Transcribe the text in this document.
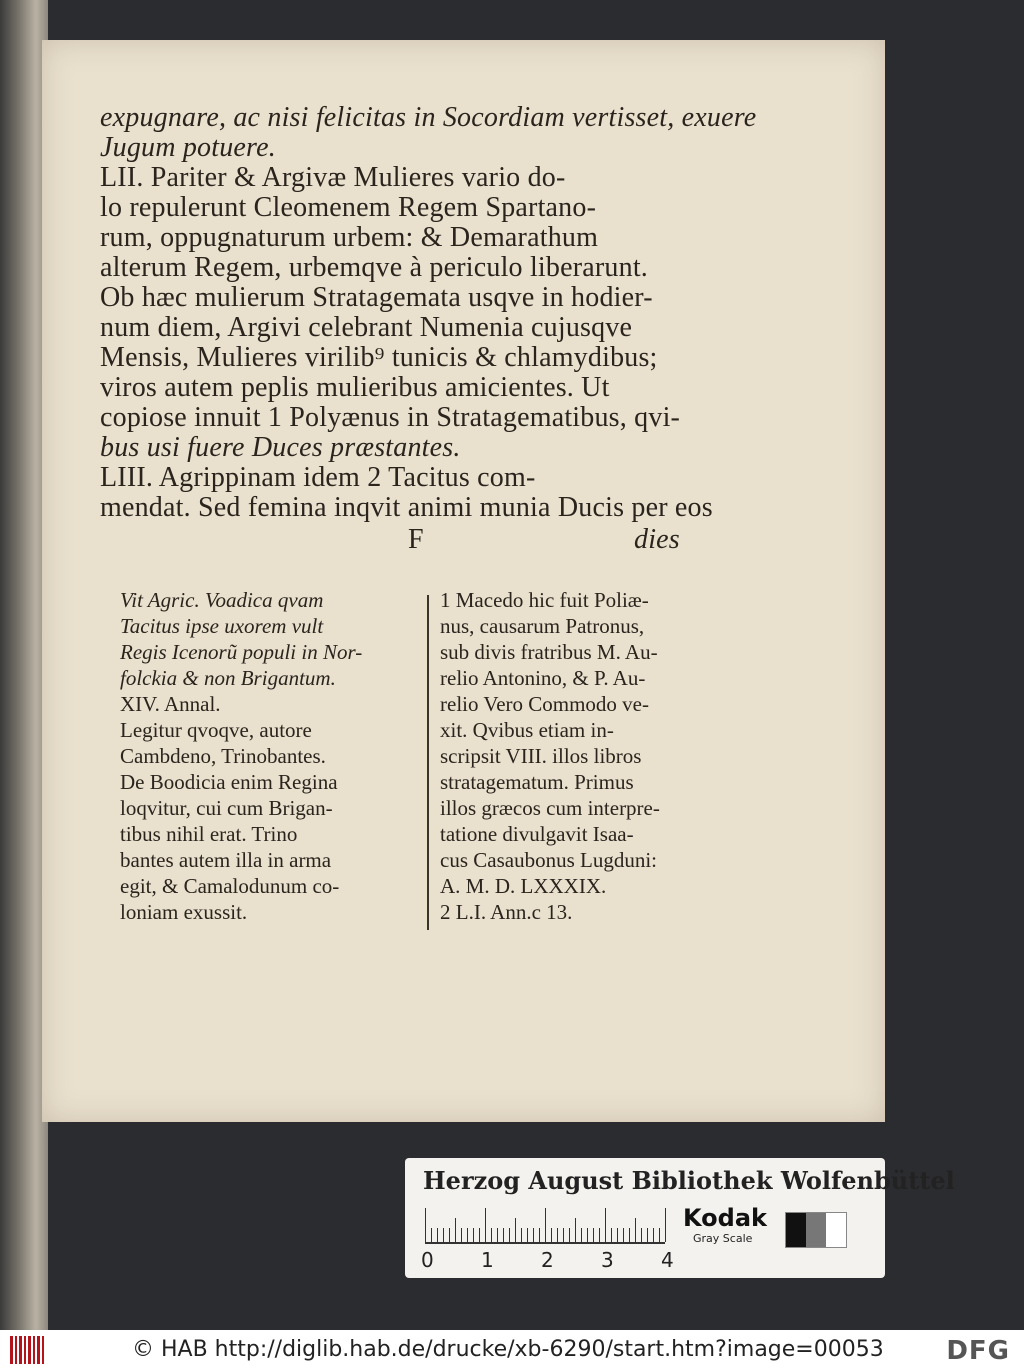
expugnare, ac nisi felicitas in Socordiam vertisset, exuere
Jugum potuere.
LII. Pariter & Argivæ Mulieres vario do-
lo repulerunt Cleomenem Regem Spartano-
rum, oppugnaturum urbem: & Demarathum
alterum Regem, urbemqve à periculo liberarunt.
Ob hæc mulierum Stratagemata usqve in hodier-
num diem, Argivi celebrant Numenia cujusqve
Mensis, Mulieres virilib⁹ tunicis & chlamydibus;
viros autem peplis mulieribus amicientes. Ut
copiose innuit 1 Polyænus in Stratagematibus, qvi-
bus usi fuere Duces præstantes.
LIII. Agrippinam idem 2 Tacitus com-
mendat. Sed femina inqvit animi munia Ducis per eos
F	dies
Vit Agric. Voadica qvam
Tacitus ipse uxorem vult
Regis Icenorũ populi in Nor-
folckia & non Brigantum.
XIV. Annal.
Legitur qvoqve, autore
Cambdeno, Trinobantes.
De Boodicia enim Regina
loqvitur, cui cum Brigan-
tibus nihil erat. Trino
bantes autem illa in arma
egit, & Camalodunum co-
loniam exussit.
1 Macedo hic fuit Poliæ-
nus, causarum Patronus,
sub divis fratribus M. Au-
relio Antonino, & P. Au-
relio Vero Commodo ve-
xit. Qvibus etiam in-
scripsit VIII. illos libros
stratagematum. Primus
illos græcos cum interpre-
tatione divulgavit Isaa-
cus Casaubonus Lugduni:
A. M. D. LXXXIX.
2 L.I. Ann.c 13.
Herzog August Bibliothek Wolfenbüttel
0 1 2 3 4
Kodak
Gray Scale
© HAB http://diglib.hab.de/drucke/xb-6290/start.htm?image=00053 DFG
